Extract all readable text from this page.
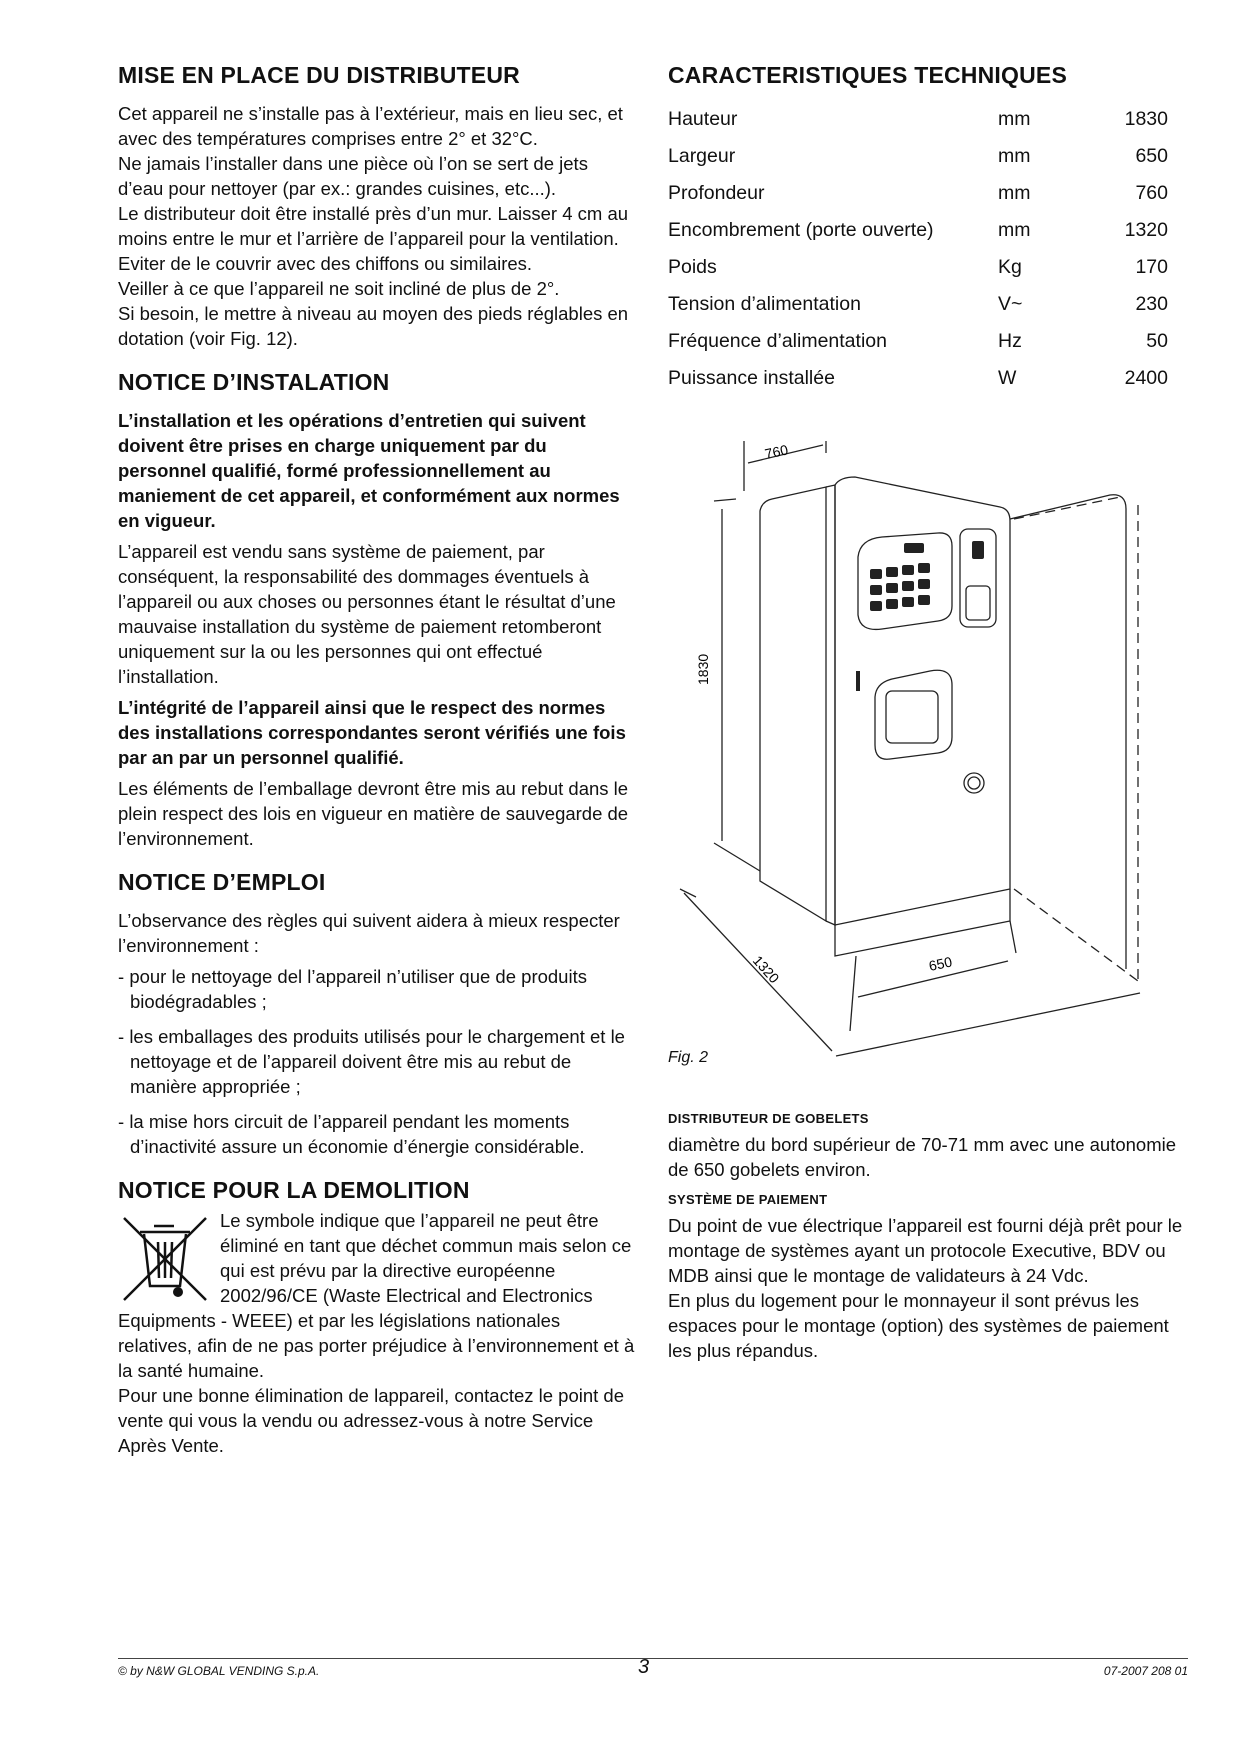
MISE EN PLACE DU DISTRIBUTEUR

Cet appareil ne s’installe pas à l’extérieur, mais en lieu sec, et avec des températures comprises entre 2° et 32°C.
Ne jamais l’installer dans une pièce où l’on se sert de jets d’eau pour nettoyer (par ex.: grandes cuisines, etc...).
Le distributeur doit être installé près d’un mur. Laisser 4 cm au moins entre le mur et l’arrière de l’appareil pour la ventilation.
Eviter de le couvrir avec des chiffons ou similaires.
Veiller à ce que l’appareil ne soit incliné de plus de 2°.
Si besoin, le mettre à niveau au moyen des pieds réglables en dotation (voir Fig. 12).

NOTICE D’INSTALATION

L’installation et les opérations d’entretien qui suivent doivent être prises en charge uniquement par du personnel qualifié, formé professionnellement au maniement de cet appareil, et conformément aux normes en vigueur.

L’appareil est vendu sans système de paiement, par conséquent, la responsabilité des dommages éventuels à l’appareil ou aux choses ou personnes étant le résultat d’une mauvaise installation du système de paiement retomberont uniquement sur la ou les personnes qui ont effectué l’installation.

L’intégrité de l’appareil ainsi que le respect des normes des installations correspondantes seront vérifiés une fois par an par un personnel qualifié.

Les éléments de l’emballage devront être mis au rebut dans le plein respect des lois en vigueur en matière de sauvegarde de l’environnement.

NOTICE D’EMPLOI

L’observance des règles qui suivent aidera à mieux respecter l’environnement :

- pour le nettoyage del l’appareil n’utiliser que de produits biodégradables ;
- les emballages des produits utilisés pour le chargement et le nettoyage et de l’appareil doivent être mis au rebut de manière appropriée ;
- la mise hors circuit de l’appareil pendant les moments d’inactivité assure un économie d’énergie considérable.
NOTICE POUR LA DEMOLITION

Le symbole indique que l’appareil ne peut être éliminé en tant que déchet commun mais selon ce qui est prévu par la directive européenne 2002/96/CE (Waste Electrical and Electronics Equipments - WEEE) et par les législations nationales relatives, afin de ne pas porter préjudice à l’environnement et à la santé humaine.
Pour une bonne élimination de lappareil, contactez le point de vente qui vous la vendu ou adressez-vous à notre Service Après Vente.

CARACTERISTIQUES TECHNIQUES
Hauteur	mm	1830
Largeur	mm	650
Profondeur	mm	760
Encombrement (porte ouverte)	mm	1320
Poids	Kg	170
Tension d’alimentation	V~	230
Fréquence d’alimentation	Hz	50
Puissance installée	W	2400
760
1830
650
1320
Fig. 2
DISTRIBUTEUR DE GOBELETS

diamètre du bord supérieur de 70-71 mm avec une autonomie de 650 gobelets environ.

SYSTÈME DE PAIEMENT

Du point de vue électrique l’appareil est fourni déjà prêt pour le montage de systèmes ayant un protocole Executive, BDV ou MDB ainsi que le montage de validateurs à 24 Vdc.
En plus du logement pour le monnayeur il sont prévus les espaces pour le montage (option) des systèmes de paiement les plus répandus.

© by N&W GLOBAL VENDING S.p.A.	3	07-2007 208 01
